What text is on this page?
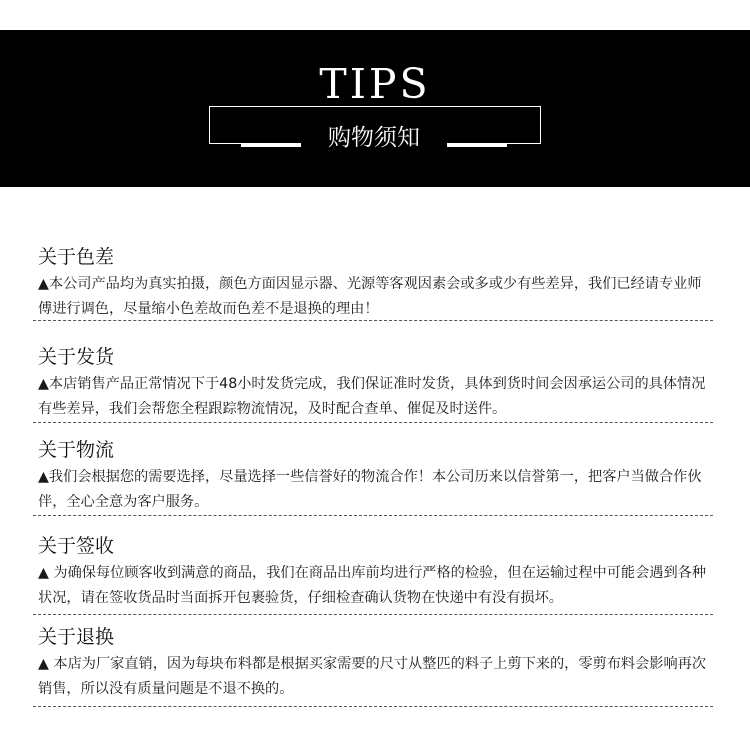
TIPS
购物须知
关于色差
▲本公司产品均为真实拍摄，颜色方面因显示器、光源等客观因素会或多或少有些差异，我们已经请专业师傅进行调色，尽量缩小色差故而色差不是退换的理由！
关于发货
▲本店销售产品正常情况下于48小时发货完成，我们保证准时发货，具体到货时间会因承运公司的具体情况有些差异，我们会帮您全程跟踪物流情况，及时配合查单、催促及时送件。
关于物流
▲我们会根据您的需要选择，尽量选择一些信誉好的物流合作！本公司历来以信誉第一，把客户当做合作伙伴，全心全意为客户服务。
关于签收
▲ 为确保每位顾客收到满意的商品，我们在商品出库前均进行严格的检验，但在运输过程中可能会遇到各种状况，请在签收货品时当面拆开包裹验货，仔细检查确认货物在快递中有没有损坏。
关于退换
▲ 本店为厂家直销，因为每块布料都是根据买家需要的尺寸从整匹的料子上剪下来的，零剪布料会影响再次销售，所以没有质量问题是不退不换的。
